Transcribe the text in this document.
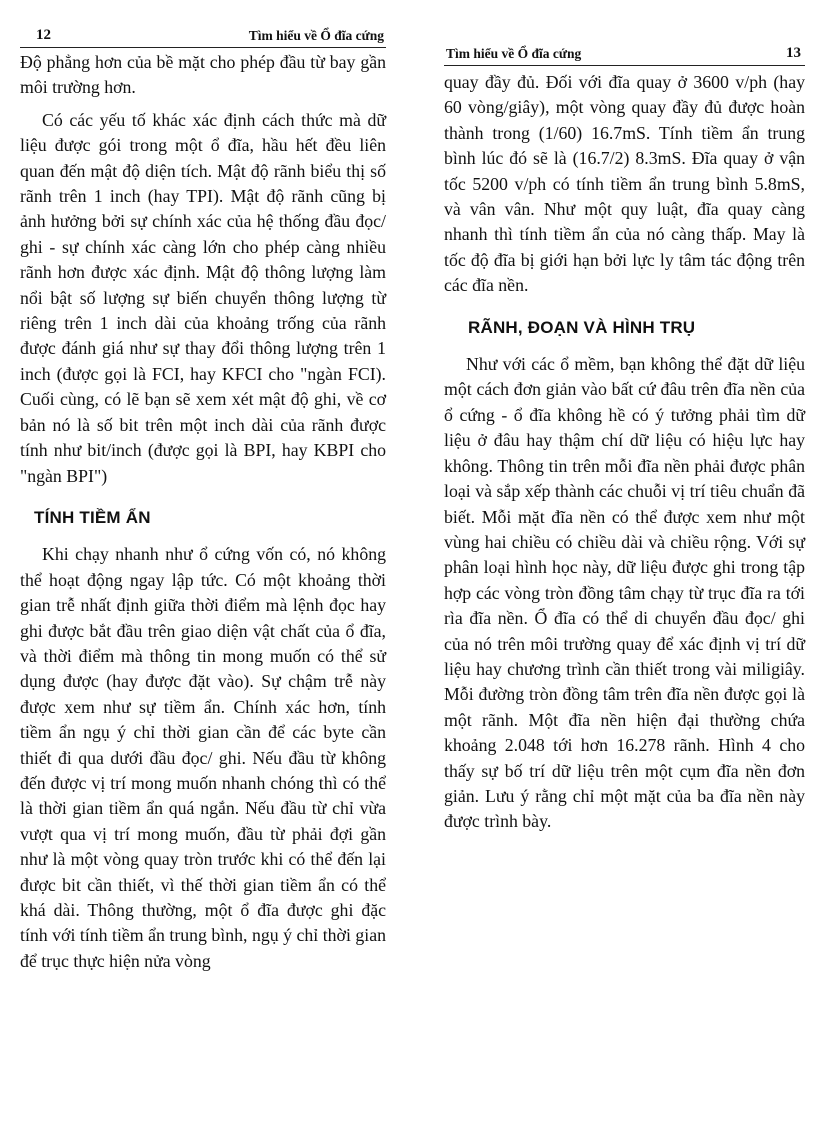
12	Tìm hiểu về Ổ đĩa cứng

Độ phẳng hơn của bề mặt cho phép đầu từ bay gần môi trường hơn.

Có các yếu tố khác xác định cách thức mà dữ liệu được gói trong một ổ đĩa, hầu hết đều liên quan đến mật độ diện tích. Mật độ rãnh biểu thị số rãnh trên 1 inch (hay TPI). Mật độ rãnh cũng bị ảnh hưởng bởi sự chính xác của hệ thống đầu đọc/ ghi - sự chính xác càng lớn cho phép càng nhiều rãnh hơn được xác định. Mật độ thông lượng làm nổi bật số lượng sự biến chuyển thông lượng từ riêng trên 1 inch dài của khoảng trống của rãnh được đánh giá như sự thay đổi thông lượng trên 1 inch (được gọi là FCI, hay KFCI cho "ngàn FCI). Cuối cùng, có lẽ bạn sẽ xem xét mật độ ghi, về cơ bản nó là số bit trên một inch dài của rãnh được tính như bit/inch (được gọi là BPI, hay KBPI cho "ngàn BPI")

TÍNH TIỀM ẨN

Khi chạy nhanh như ổ cứng vốn có, nó không thể hoạt động ngay lập tức. Có một khoảng thời gian trễ nhất định giữa thời điểm mà lệnh đọc hay ghi được bắt đầu trên giao diện vật chất của ổ đĩa, và thời điểm mà thông tin mong muốn có thể sử dụng được (hay được đặt vào). Sự chậm trễ này được xem như sự tiềm ẩn. Chính xác hơn, tính tiềm ẩn ngụ ý chỉ thời gian cần để các byte cần thiết đi qua dưới đầu đọc/ ghi. Nếu đầu từ không đến được vị trí mong muốn nhanh chóng thì có thể là thời gian tiềm ẩn quá ngắn. Nếu đầu từ chỉ vừa vượt qua vị trí mong muốn, đầu từ phải đợi gần như là một vòng quay tròn trước khi có thể đến lại được bit cần thiết, vì thế thời gian tiềm ẩn có thể khá dài. Thông thường, một ổ đĩa được ghi đặc tính với tính tiềm ẩn trung bình, ngụ ý chỉ thời gian để trục thực hiện nửa vòng

Tìm hiểu về Ổ đĩa cứng	13

quay đầy đủ. Đối với đĩa quay ở 3600 v/ph (hay 60 vòng/giây), một vòng quay đầy đủ được hoàn thành trong (1/60) 16.7mS. Tính tiềm ẩn trung bình lúc đó sẽ là (16.7/2) 8.3mS. Đĩa quay ở vận tốc 5200 v/ph có tính tiềm ẩn trung bình 5.8mS, và vân vân. Như một quy luật, đĩa quay càng nhanh thì tính tiềm ẩn của nó càng thấp. May là tốc độ đĩa bị giới hạn bởi lực ly tâm tác động trên các đĩa nền.

RÃNH, ĐOẠN VÀ HÌNH TRỤ

Như với các ổ mềm, bạn không thể đặt dữ liệu một cách đơn giản vào bất cứ đâu trên đĩa nền của ổ cứng - ổ đĩa không hề có ý tưởng phải tìm dữ liệu ở đâu hay thậm chí dữ liệu có hiệu lực hay không. Thông tin trên mỗi đĩa nền phải được phân loại và sắp xếp thành các chuỗi vị trí tiêu chuẩn đã biết. Mỗi mặt đĩa nền có thể được xem như một vùng hai chiều có chiều dài và chiều rộng. Với sự phân loại hình học này, dữ liệu được ghi trong tập hợp các vòng tròn đồng tâm chạy từ trục đĩa ra tới rìa đĩa nền. Ổ đĩa có thể di chuyển đầu đọc/ ghi của nó trên môi trường quay để xác định vị trí dữ liệu hay chương trình cần thiết trong vài miligiây. Mỗi đường tròn đồng tâm trên đĩa nền được gọi là một rãnh. Một đĩa nền hiện đại thường chứa khoảng 2.048 tới hơn 16.278 rãnh. Hình 4 cho thấy sự bố trí dữ liệu trên một cụm đĩa nền đơn giản. Lưu ý rằng chỉ một mặt của ba đĩa nền này được trình bày.
